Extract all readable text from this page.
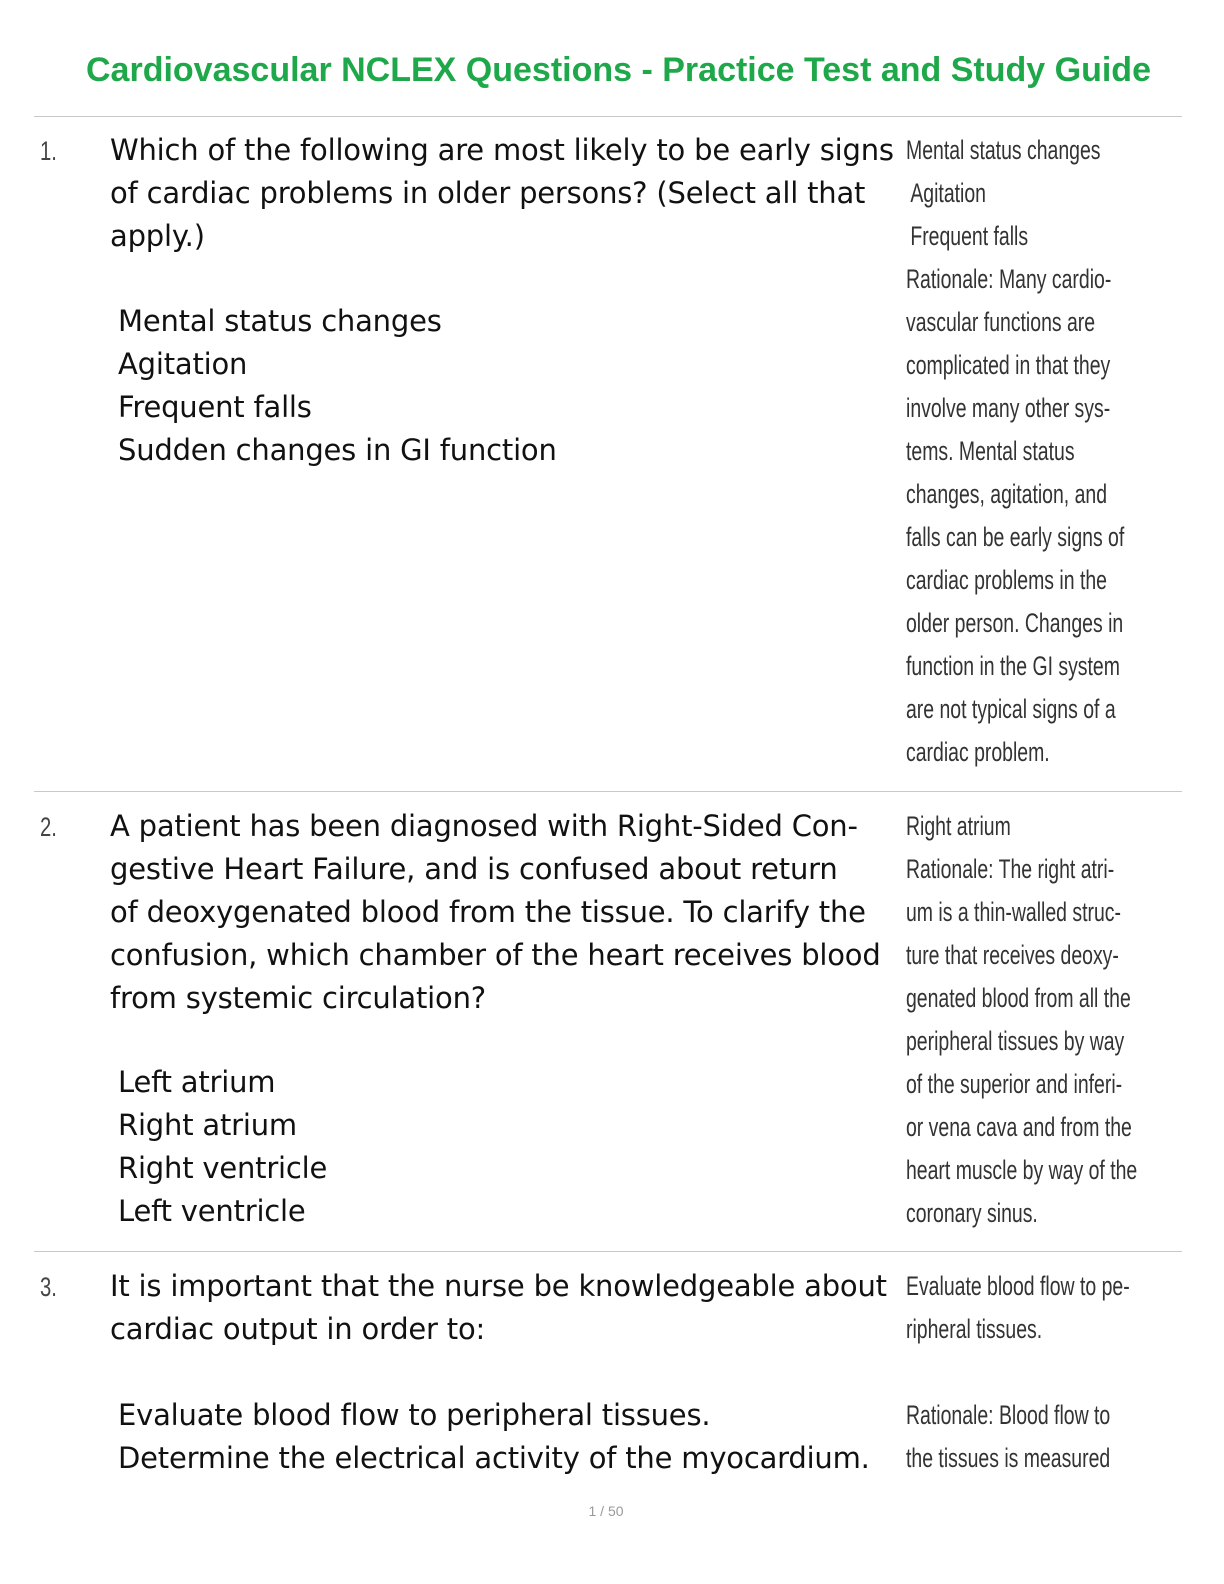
Cardiovascular NCLEX Questions - Practice Test and Study Guide
1. Which of the following are most likely to be early signs
of cardiac problems in older persons? (Select all that
apply.)
Mental status changes
Agitation
Frequent falls
Sudden changes in GI function
Mental status changes
Agitation
Frequent falls
Rationale: Many cardio-
vascular functions are
complicated in that they
involve many other sys-
tems. Mental status
changes, agitation, and
falls can be early signs of
cardiac problems in the
older person. Changes in
function in the GI system
are not typical signs of a
cardiac problem.
2. A patient has been diagnosed with Right-Sided Con-
gestive Heart Failure, and is confused about return
of deoxygenated blood from the tissue. To clarify the
confusion, which chamber of the heart receives blood
from systemic circulation?
Left atrium
Right atrium
Right ventricle
Left ventricle
Right atrium
Rationale: The right atri-
um is a thin-walled struc-
ture that receives deoxy-
genated blood from all the
peripheral tissues by way
of the superior and inferi-
or vena cava and from the
heart muscle by way of the
coronary sinus.
3. It is important that the nurse be knowledgeable about
cardiac output in order to:
Evaluate blood flow to peripheral tissues.
Determine the electrical activity of the myocardium.
Evaluate blood flow to pe-
ripheral tissues.

Rationale: Blood flow to
the tissues is measured
1 / 50
